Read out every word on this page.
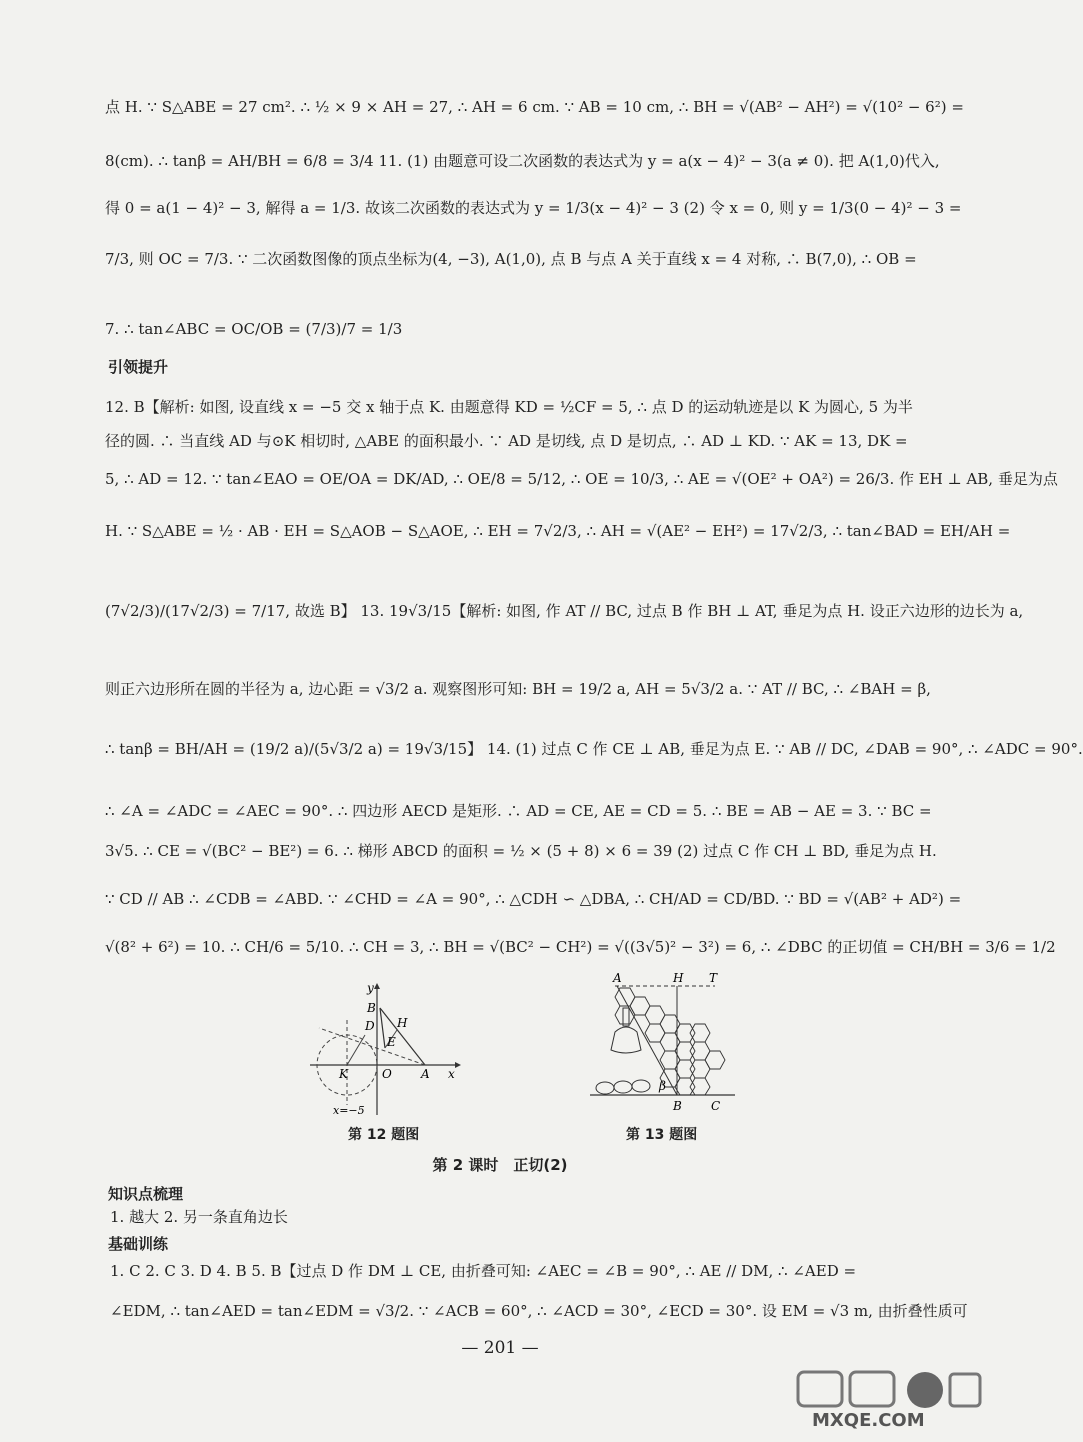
点 H. ∵ S△ABE = 27 cm². ∴ ½ × 9 × AH = 27, ∴ AH = 6 cm. ∵ AB = 10 cm, ∴ BH = √(AB² − AH²) = √(10² − 6²) =
8(cm). ∴ tanβ = AH/BH = 6/8 = 3/4 11. (1) 由题意可设二次函数的表达式为 y = a(x − 4)² − 3(a ≠ 0). 把 A(1,0)代入,
得 0 = a(1 − 4)² − 3, 解得 a = 1/3. 故该二次函数的表达式为 y = 1/3(x − 4)² − 3 (2) 令 x = 0, 则 y = 1/3(0 − 4)² − 3 =
7/3, 则 OC = 7/3. ∵ 二次函数图像的顶点坐标为(4, −3), A(1,0), 点 B 与点 A 关于直线 x = 4 对称, ∴ B(7,0), ∴ OB =
7. ∴ tan∠ABC = OC/OB = (7/3)/7 = 1/3
引领提升
12. B【解析: 如图, 设直线 x = −5 交 x 轴于点 K. 由题意得 KD = ½CF = 5, ∴ 点 D 的运动轨迹是以 K 为圆心, 5 为半
径的圆. ∴ 当直线 AD 与⊙K 相切时, △ABE 的面积最小. ∵ AD 是切线, 点 D 是切点, ∴ AD ⊥ KD. ∵ AK = 13, DK =
5, ∴ AD = 12. ∵ tan∠EAO = OE/OA = DK/AD, ∴ OE/8 = 5/12, ∴ OE = 10/3, ∴ AE = √(OE² + OA²) = 26/3. 作 EH ⊥ AB, 垂足为点
H. ∵ S△ABE = ½ · AB · EH = S△AOB − S△AOE, ∴ EH = 7√2/3, ∴ AH = √(AE² − EH²) = 17√2/3, ∴ tan∠BAD = EH/AH =
(7√2/3)/(17√2/3) = 7/17, 故选 B】 13. 19√3/15【解析: 如图, 作 AT // BC, 过点 B 作 BH ⊥ AT, 垂足为点 H. 设正六边形的边长为 a,
则正六边形所在圆的半径为 a, 边心距 = √3/2 a. 观察图形可知: BH = 19/2 a, AH = 5√3/2 a. ∵ AT // BC, ∴ ∠BAH = β,
∴ tanβ = BH/AH = (19/2 a)/(5√3/2 a) = 19√3/15】 14. (1) 过点 C 作 CE ⊥ AB, 垂足为点 E. ∵ AB // DC, ∠DAB = 90°, ∴ ∠ADC = 90°.
∴ ∠A = ∠ADC = ∠AEC = 90°. ∴ 四边形 AECD 是矩形. ∴ AD = CE, AE = CD = 5. ∴ BE = AB − AE = 3. ∵ BC =
3√5. ∴ CE = √(BC² − BE²) = 6. ∴ 梯形 ABCD 的面积 = ½ × (5 + 8) × 6 = 39 (2) 过点 C 作 CH ⊥ BD, 垂足为点 H.
∵ CD // AB ∴ ∠CDB = ∠ABD. ∵ ∠CHD = ∠A = 90°, ∴ △CDH ∽ △DBA, ∴ CH/AD = CD/BD. ∵ BD = √(AB² + AD²) =
√(8² + 6²) = 10. ∴ CH/6 = 5/10. ∴ CH = 3, ∴ BH = √(BC² − CH²) = √((3√5)² − 3²) = 6, ∴ ∠DBC 的正切值 = CH/BH = 3/6 = 1/2
y
B
D H
E
K	O A x
x=−5
第 12 题图
A	H T
β
B C
第 13 题图
第 2 课时　正切(2)
知识点梳理
1. 越大 2. 另一条直角边长
基础训练
1. C 2. C 3. D 4. B 5. B【过点 D 作 DM ⊥ CE, 由折叠可知: ∠AEC = ∠B = 90°, ∴ AE // DM, ∴ ∠AED =
∠EDM, ∴ tan∠AED = tan∠EDM = √3/2. ∵ ∠ACB = 60°, ∴ ∠ACD = 30°, ∠ECD = 30°. 设 EM = √3 m, 由折叠性质可
— 201 —
MXQE.COM
